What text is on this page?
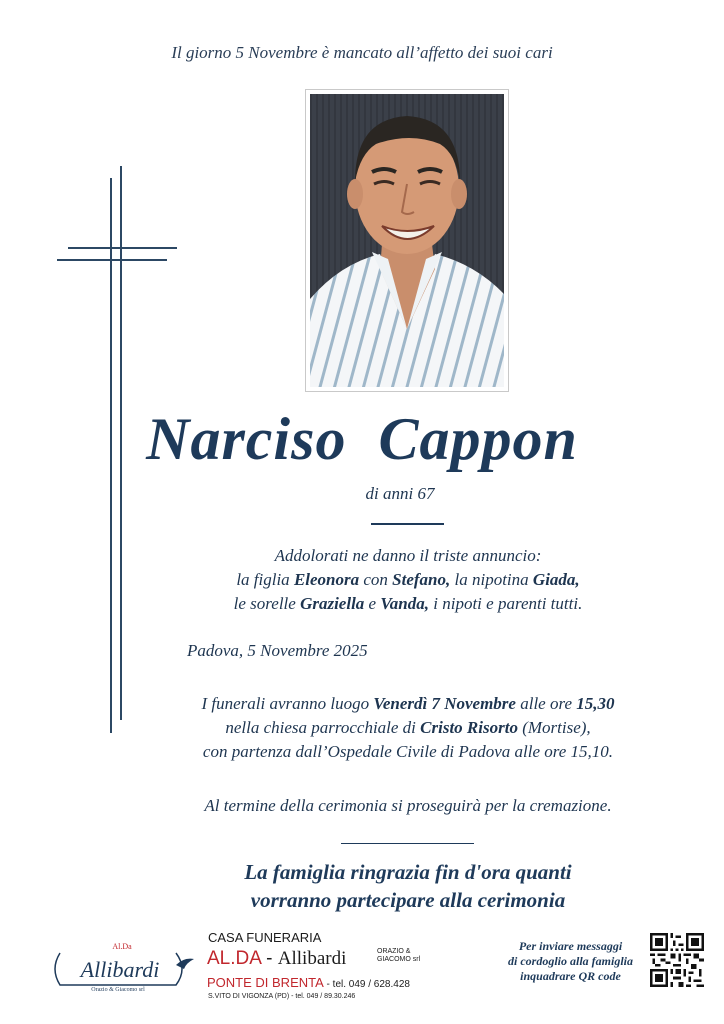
Il giorno 5 Novembre è mancato all’affetto dei suoi cari
Narciso Cappon
di anni 67
Addolorati ne danno il triste annuncio:
la figlia Eleonora con Stefano, la nipotina Giada,
le sorelle Graziella e Vanda, i nipoti e parenti tutti.
Padova, 5 Novembre 2025
I funerali avranno luogo Venerdì 7 Novembre alle ore 15,30
nella chiesa parrocchiale di Cristo Risorto (Mortise),
con partenza dall’Ospedale Civile di Padova alle ore 15,10.
Al termine della cerimonia si proseguirà per la cremazione.
La famiglia ringrazia fin d'ora quanti
vorranno partecipare alla cerimonia
Al.Da
Allibardi
Orazio & Giacomo srl
CASA FUNERARIA
AL.DA - Allibardi	ORAZIO &
GIACOMO srl
PONTE DI BRENTA - tel. 049 / 628.428
S.VITO DI VIGONZA (PD) - tel. 049 / 89.30.246
Per inviare messaggi
di cordoglio alla famiglia
inquadrare QR code
